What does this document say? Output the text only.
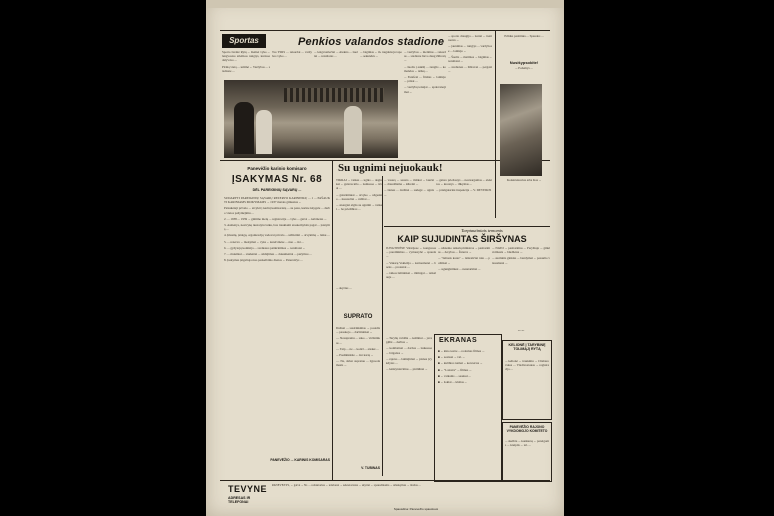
Sportas	Penkios valandos stadione

Sporto šventė Rytų ... šiemet vyko ... lengvosios atletikos rungtys, kuriose dalyvavo ...

Pirmą vietą ... užėmė ... Varžybos ... stadione ...

Tos TSRS ... rekordai ... varžybos vyko ...

... lengvaatlečiai ... Alekna ... šuoliai ... rezultatas ...

... bėgimas ... m. nugalėtoju tapo ... sekundės ...

... varžybos ... metimas ... rekordas ... stadione buvo daug žiūrovų ...

... šuolis į aukštį ... rungtis ... komandos ... taškų ...

... Estafetė ... finišas ... laimėjo ... prizai ...

... varžybų teisėjai ... apdovanojimai ...

... sporto draugija ... nariai ... treniruotės ...

... jaunimas ... rungtys ... varžybose ... laimėjo ...

... Šuolis ... metimas ... bėgimas ... rezultatai ...

... stadionas ... žiūrovai ... pergalė ...

Prūdus pasitinka ... Spaudos ...

Nusišypsokite!

... Požemys ...

Konstruktorius arba Kas ...
Panevėžio karinio komisaro
ĮSAKYMAS Nr. 68
DĖL PAREIGINIŲ SĄVARŲ ...

SUDARYTI PAREIGINIŲ SĄVARŲ REZERVO KARININKŲ ... 1 ... PAŠAUKTI KARINIAMS MOKYMAMS ... 1937 metais gimusius ...

Pašauktieji privalo ... atvykti į karinį komisariatą ... su pasu, karine knygele ... darbo vietos pažymėjimu ...

2. ... 1938 ... 1939 ... gimimo metų ... registracija ... vyks ... gatvė ... kabinetas ...

3. Asmenys, neatvykę nustatytu laiku, bus traukiami atsakomybėn pagal ... įstatymą ...

4. Įmonių, įstaigų, organizacijų vadovai privalo ... užtikrinti ... atvykimą ... laiku ...

5. ... rezervo ... mokymai ... vyks ... kareivinėse ... nuo ... iki ...

6. ... gydytojų komisija ... sveikatos patikrinimas ... rezultatai ...

7. ... mokiniai ... studentai ... atidėjimas ... dokumentai ... pažymos ...

8. Įsakymas įsigalioja nuo paskelbimo dienos ... Panevėžys ...

PANEVĖŽIO ... KARINIS KOMISARAS
Su ugnimi nejuokauk!

TIKRAI ... vaikas ... ugnis ... degtukai ... gaisras kilo ... namuose ... tėvai ...

... gaisrininkai ... atvyko ... užgesino ... nuostoliai ... rubliai ...

... atsargiai elgtis su ugnimi ... vaikai ... be priežiūros ...

... vasarą ... sausra ... miškai ... laužai ... draudžiama ... kūrenti ...

... šienas ... daržinė ... sudegė ... ugnis ...

... gaisro priežastys ... neatsargumas ... elektros ... krosnys ... rūkymas ...

... priešgaisrinė inspekcija ... V. DEVEIKIS

Tarptautiniais temomis
KAIP SUJUDINTAS ŠIRŠYNAS

JUNGTINĖSE Valstijose ... kongresas ... pareiškimas ... vyriausybė ... spauda ...

... Vakarų Vokietija ... kariuomenė ... bazės ... protestai ...

... taikos šalininkai ... mitingai ... reikalauja ...

... užsienio reikalų ministras ... pasitarimas ... derybos ... Ženeva ...

... "šaltasis karas" ... laikraščiai rašo ... politikai ...

... sąjungininkai ... nesutarimai ...

... NATO ... pasitarimas ... Paryžiuje ... ginklavimasis ... biudžetas ...

... atominis ginklas ... bandymai ... pasaulio visuomenė ...

... ...

... skyrius ...

SUPRATO

Dažnai ... susirinkimas ... posėdis ... pasakojo ... darbininkai ...

— Nesuprantu ... sako ... viršininkas ...

— Taip ... ne ... kodėl ... atsakė ...

... Paaiškinkite ... dar kartą ...

— Na, dabar supratau ... šypsodamasis ...

V. TUBINAS

... Tarybų valdžia ... kolūkiai ... javapjūtė ... derlius ...

... kombainai ... darbas ... laukuose ... brigados ...

... rajono ... laimėjimai ... planas įvykdytas ...

... lenktyniavimas ... pirmūnai ...

EKRANAS

■ ... kino teatre ... rodomas filmas ...

■ ... seansai ... val. ...

■ ... kultūros namai ... koncertas ...

■ ... "Laisvės" ... filmas ...

■ ... vaikams ... seansai ...

■ ... šokiai ... klubas ...

KELIONĖ Į TARYBINĘ TOLIMĄJĮ RYTĄ

... kelionė ... traukiniu ... Chabarovskas ... Vladivostokas ... registracija ...

PANEVĖŽIO RAJONO VYKDOMOJO KOMITETO

... skelbia ... konkursą ... pareigoms ... kreiptis ... tel. ...

TEVYNE
ADRESAS IR TELEFONAI

PANEVĖŽYS, ... gatvė ... Nr. ... redaktorius ... telefonai ... sekretoriatas ... skyriai ... spausdinama ... užsakymas ... tiražas ...

Spausdina: Panevėžio spaustuvė
